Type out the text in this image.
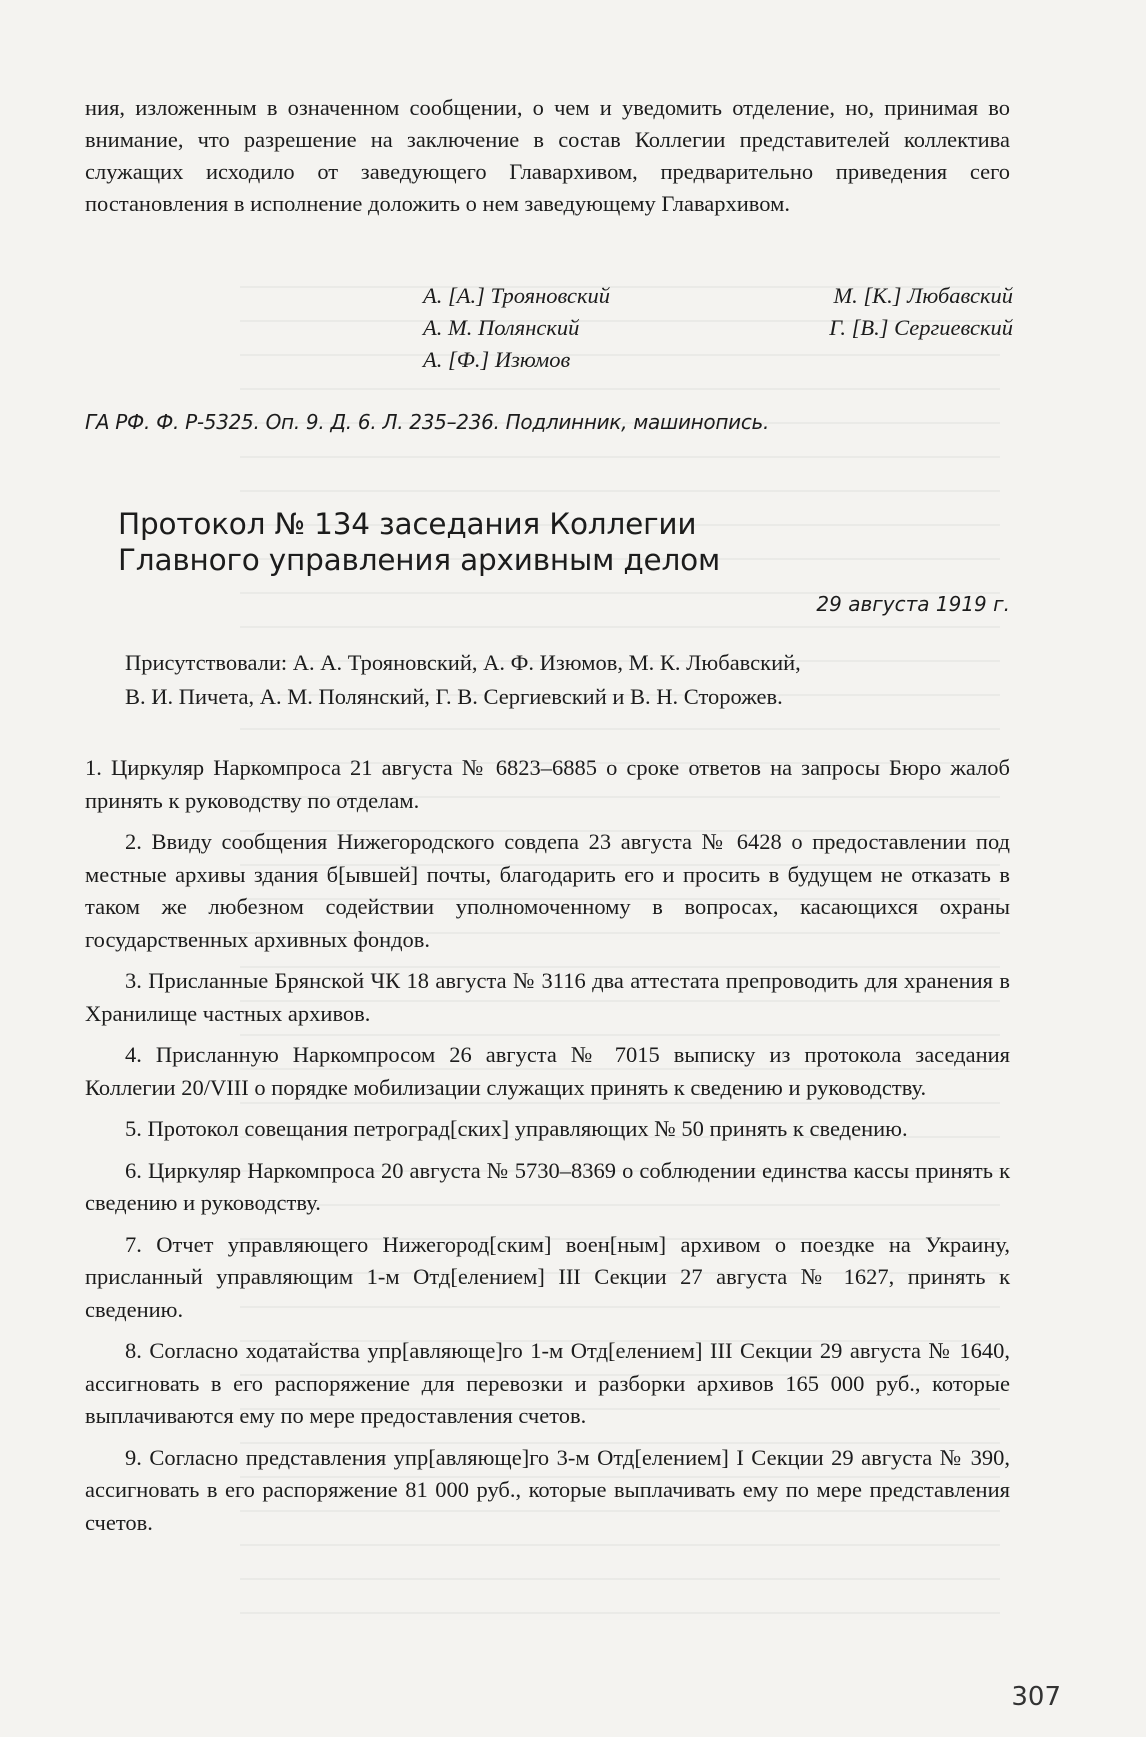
ния, изложенным в означенном сообщении, о чем и уведомить отделение, но, принимая во внимание, что разрешение на заключение в состав Коллегии представителей коллектива служащих исходило от заведующего Главархивом, предварительно приведения сего постановления в исполнение доложить о нем заведующему Главархивом.

А. [А.] Трояновский	М. [К.] Любавский
А. М. Полянский	Г. [В.] Сергиевский
А. [Ф.] Изюмов
ГА РФ. Ф. Р-5325. Оп. 9. Д. 6. Л. 235–236. Подлинник, машинопись.
Протокол № 134 заседания Коллегии
Главного управления архивным делом
29 августа 1919 г.
Присутствовали: А. А. Трояновский, А. Ф. Изюмов, М. К. Любавский,
В. И. Пичета, А. М. Полянский, Г. В. Сергиевский и В. Н. Сторожев.

1. Циркуляр Наркомпроса 21 августа № 6823–6885 о сроке ответов на запросы Бюро жалоб принять к руководству по отделам.

2. Ввиду сообщения Нижегородского совдепа 23 августа № 6428 о предоставлении под местные архивы здания б[ывшей] почты, благодарить его и просить в будущем не отказать в таком же любезном содействии уполномоченному в вопросах, касающихся охраны государственных архивных фондов.

3. Присланные Брянской ЧК 18 августа № 3116 два аттестата препроводить для хранения в Хранилище частных архивов.

4. Присланную Наркомпросом 26 августа № 7015 выписку из протокола заседания Коллегии 20/VIII о порядке мобилизации служащих принять к сведению и руководству.

5. Протокол совещания петроград[ских] управляющих № 50 принять к сведению.

6. Циркуляр Наркомпроса 20 августа № 5730–8369 о соблюдении единства кассы принять к сведению и руководству.

7. Отчет управляющего Нижегород[ским] воен[ным] архивом о поездке на Украину, присланный управляющим 1-м Отд[елением] III Секции 27 августа № 1627, принять к сведению.

8. Согласно ходатайства упр[авляюще]го 1-м Отд[елением] III Секции 29 августа № 1640, ассигновать в его распоряжение для перевозки и разборки архивов 165 000 руб., которые выплачиваются ему по мере предоставления счетов.

9. Согласно представления упр[авляюще]го 3-м Отд[елением] I Секции 29 августа № 390, ассигновать в его распоряжение 81 000 руб., которые выплачивать ему по мере представления счетов.

307
